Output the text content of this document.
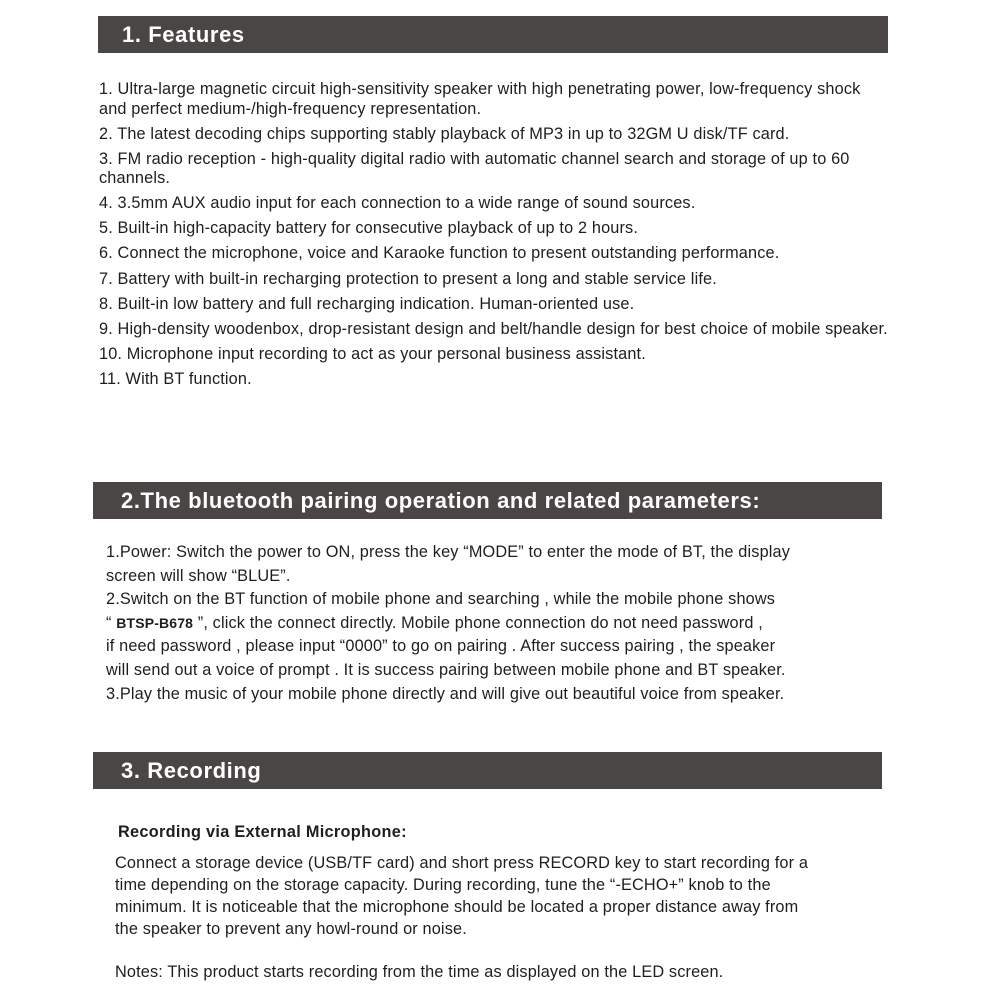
1. Features
1. Ultra-large magnetic circuit high-sensitivity speaker with high penetrating power, low-frequency shock and perfect medium-/high-frequency representation.
2. The latest decoding chips supporting stably playback of MP3 in up to 32GM U disk/TF card.
3. FM radio reception - high-quality digital radio with automatic channel search and storage of up to 60 channels.
4. 3.5mm AUX audio input for each connection to a wide range of sound sources.
5. Built-in high-capacity battery for consecutive playback of up to 2 hours.
6. Connect the microphone, voice and Karaoke function to present outstanding performance.
7. Battery with built-in recharging protection to present a long and stable service life.
8. Built-in low battery and full recharging indication. Human-oriented use.
9. High-density woodenbox, drop-resistant design and belt/handle design for best choice of mobile speaker.
10. Microphone input recording to act as your personal business assistant.
11. With BT function.
2.The bluetooth pairing operation and related parameters:
1.Power: Switch the power to ON, press the key “MODE” to enter the mode of BT, the display
screen will show “BLUE”.
2.Switch on the BT function of mobile phone and searching , while the mobile phone shows
“ BTSP-B678 ”, click the connect directly. Mobile phone connection do not need password ,
if need password , please input “0000” to go on pairing . After success pairing , the speaker
will send out a voice of prompt . It is success pairing between mobile phone and BT speaker.
3.Play the music of your mobile phone directly and will give out beautiful voice from speaker.
3. Recording
Recording via External Microphone:
Connect a storage device (USB/TF card) and short press RECORD key to start recording for a
time depending on the storage capacity. During recording, tune the “-ECHO+” knob to the
minimum. It is noticeable that the microphone should be located a proper distance away from
the speaker to prevent any howl-round or noise.
Notes: This product starts recording from the time as displayed on the LED screen.
